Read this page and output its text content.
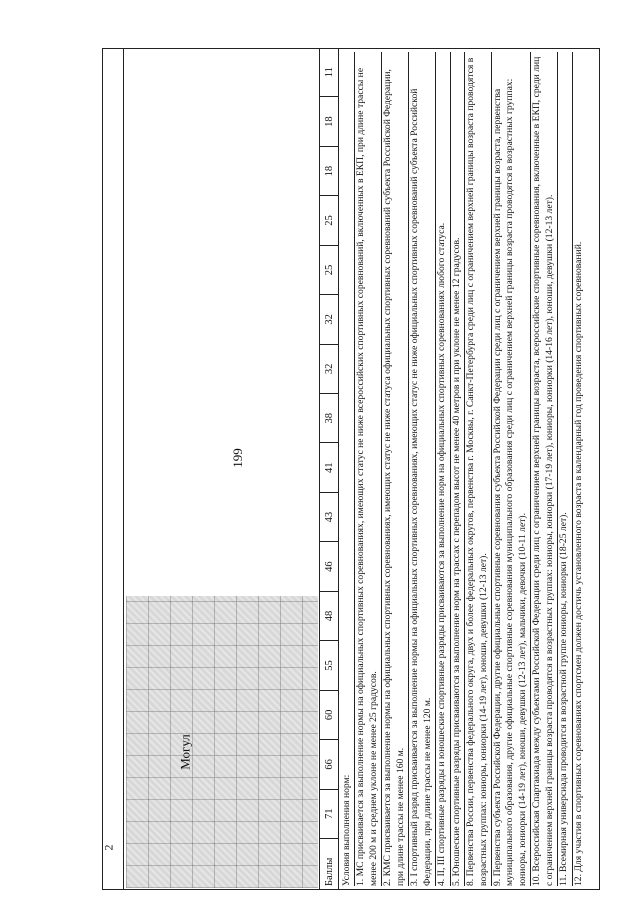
199
2
Могул
Баллы
71
66
60
55
48
46
43
41
38
32
32
25
25
18
18
11
Условия выполнения норм: 1. МС присваивается за выполнение нормы на официальных спортивных соревнованиях, имеющих статус не ниже всероссийских спортивных соревнований, включенных в ЕКП, при длине трассы не менее 200 м и среднем уклоне не менее 25 градусов. 2. КМС присваивается за выполнение нормы на официальных спортивных соревнованиях, имеющих статус не ниже статуса официальных спортивных соревнований субъекта Российской Федерации, при длине трассы не менее 160 м. 3. I спортивный разряд присваивается за выполнение нормы на официальных спортивных соревнованиях, имеющих статус не ниже официальных спортивных соревнований субъекта Российской Федерации, при длине трассы не менее 120 м. 4. II, III спортивные разряды и юношеские спортивные разряды присваиваются за выполнение норм на официальных спортивных соревнованиях любого статуса. 5. Юношеские спортивные разряды присваиваются за выполнение норм на трассах с перепадом высот не менее 40 метров и при уклоне не менее 12 градусов. 8. Первенства России, первенства федерального округа, двух и более федеральных округов, первенства г. Москвы, г. Санкт-Петербурга среди лиц с ограничением верхней границы возраста проводятся в возрастных группах: юниоры, юниорки (14-19 лет), юноши, девушки (12-13 лет). 9. Первенства субъекта Российской Федерации, другие официальные спортивные соревнования субъекта Российской Федерации среди лиц с ограничением верхней границы возраста, первенства муниципального образования, другие официальные спортивные соревнования муниципального образования среди лиц с ограничением верхней границы возраста проводятся в возрастных группах: юниоры, юниорки (14-19 лет), юноши, девушки (12-13 лет), мальчики, девочки (10-11 лет). 10. Всероссийская Спартакиада между субъектами Российской Федерации среди лиц с ограничением верхней границы возраста, всероссийские спортивные соревнования, включенные в ЕКП, среди лиц с ограничением верхней границы возраста проводятся в возрастных группах: юниоры, юниорки (17-19 лет), юниоры, юниорки (14-16 лет), юноши, девушки (12-13 лет). 11. Всемирная универсиада проводится в возрастной группе юниоры, юниорки (18-25 лет). 12. Для участия в спортивных соревнованиях спортсмен должен достичь установленного возраста в календарный год проведения спортивных соревнований.
